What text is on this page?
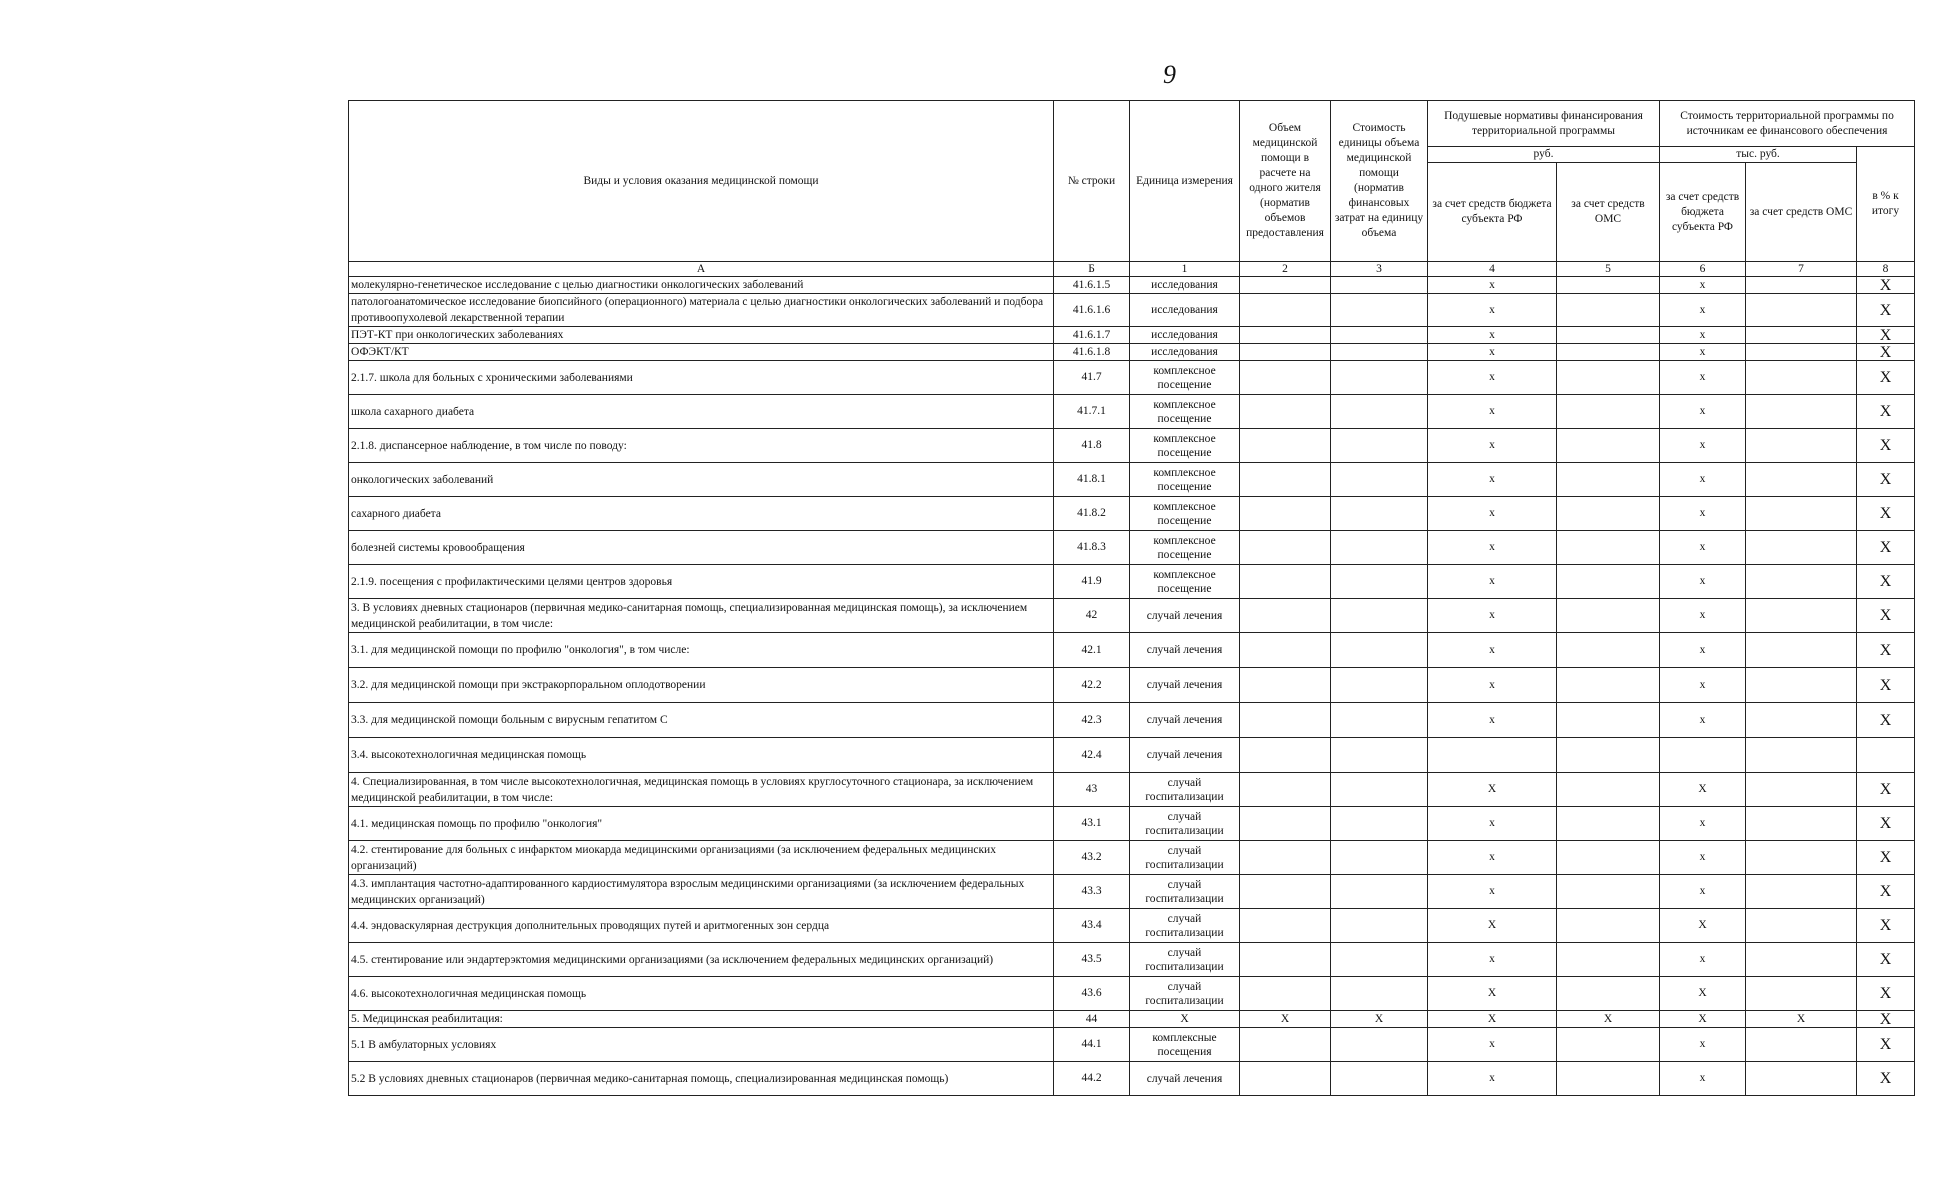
9
Виды и условия оказания медицинской помощи	№ строки	Единица измерения	Объем медицинской помощи в расчете на одного жителя (норматив объемов предоставления	Стоимость единицы объема медицинской помощи (норматив финансовых затрат на единицу объема	Подушевые нормативы финансирования территориальной программы		Стоимость территориальной программы по источникам ее финансового обеспечения		
					руб.		тыс. руб.		в % к итогу
					за счет средств бюджета субъекта РФ	за счет средств ОМС	за счет средств бюджета субъекта РФ	за счет средств ОМС	
А	Б	1	2	3	4	5	6	7	8
молекулярно-генетическое исследование с целью диагностики онкологических заболеваний	41.6.1.5	исследования			х		х		Х
патологоанатомическое исследование биопсийного (операционного) материала с целью диагностики онкологических заболеваний и подбора противоопухолевой лекарственной терапии	41.6.1.6	исследования			х		х		Х
ПЭТ-КТ при онкологических заболеваниях	41.6.1.7	исследования			х		х		Х
ОФЭКТ/КТ	41.6.1.8	исследования			х		х		Х
2.1.7. школа для больных с хроническими заболеваниями	41.7	комплексное посещение			х		х		Х
школа сахарного диабета	41.7.1	комплексное посещение			х		х		Х
2.1.8. диспансерное наблюдение, в том числе по поводу:	41.8	комплексное посещение			х		х		Х
онкологических заболеваний	41.8.1	комплексное посещение			х		х		Х
сахарного диабета	41.8.2	комплексное посещение			х		х		Х
болезней системы кровообращения	41.8.3	комплексное посещение			х		х		Х
2.1.9. посещения с профилактическими целями центров здоровья	41.9	комплексное посещение			х		х		Х
3. В условиях дневных стационаров (первичная медико-санитарная помощь, специализированная медицинская помощь), за исключением медицинской реабилитации, в том числе:	42	случай лечения			х		х		Х
3.1. для медицинской помощи по профилю "онкология", в том числе:	42.1	случай лечения			х		х		Х
3.2. для медицинской помощи при экстракорпоральном оплодотворении	42.2	случай лечения			х		х		Х
3.3. для медицинской помощи больным с вирусным гепатитом С	42.3	случай лечения			х		х		Х
3.4. высокотехнологичная медицинская помощь	42.4	случай лечения							
4. Специализированная, в том числе высокотехнологичная, медицинская помощь в условиях круглосуточного стационара, за исключением медицинской реабилитации, в том числе:	43	случай госпитализации			Х		Х		Х
4.1. медицинская помощь по профилю "онкология"	43.1	случай госпитализации			х		х		Х
4.2. стентирование для больных с инфарктом миокарда медицинскими организациями (за исключением федеральных медицинских организаций)	43.2	случай госпитализации			х		х		Х
4.3. имплантация частотно-адаптированного кардиостимулятора взрослым медицинскими организациями (за исключением федеральных медицинских организаций)	43.3	случай госпитализации			х		х		Х
4.4. эндоваскулярная деструкция дополнительных проводящих путей и аритмогенных зон сердца	43.4	случай госпитализации			Х		Х		Х
4.5. стентирование или эндартерэктомия медицинскими организациями (за исключением федеральных медицинских организаций)	43.5	случай госпитализации			х		х		Х
4.6. высокотехнологичная медицинская помощь	43.6	случай госпитализации			Х		Х		Х
5. Медицинская реабилитация:	44	Х	Х	Х	Х	Х	Х	Х	Х
5.1 В амбулаторных условиях	44.1	комплексные посещения			х		х		Х
5.2 В условиях дневных стационаров (первичная медико-санитарная помощь, специализированная медицинская помощь)	44.2	случай лечения			х		х		Х
